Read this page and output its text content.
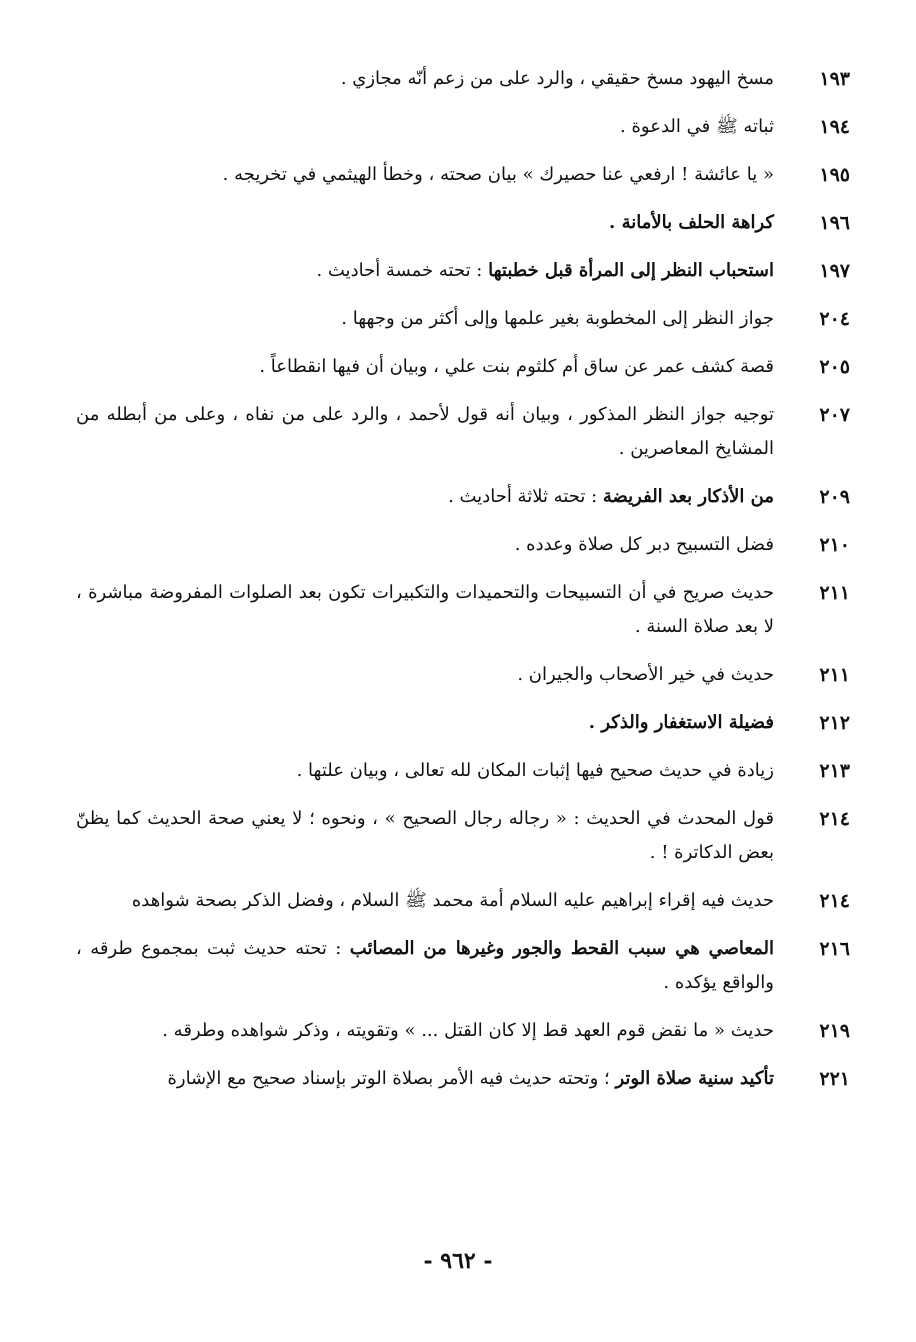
١٩٣
مسخ اليهود مسخ حقيقي ، والرد على من زعم أنّه مجازي .
١٩٤
ثباته ﷺ في الدعوة .
١٩٥
« يا عائشة ! ارفعي عنا حصيرك » بيان صحته ، وخطأ الهيثمي في تخريجه .
١٩٦
كراهة الحلف بالأمانة .
١٩٧
استحباب النظر إلى المرأة قبل خطبتها : تحته خمسة أحاديث .
٢٠٤
جواز النظر إلى المخطوبة بغير علمها وإلى أكثر من وجهها .
٢٠٥
قصة كشف عمر عن ساق أم كلثوم بنت علي ، وبيان أن فيها انقطاعاً .
٢٠٧
توجيه جواز النظر المذكور ، وبيان أنه قول لأحمد ، والرد على من نفاه ، وعلى من أبطله من المشايخ المعاصرين .
٢٠٩
من الأذكار بعد الفريضة : تحته ثلاثة أحاديث .
٢١٠
فضل التسبيح دبر كل صلاة وعدده .
٢١١
حديث صريح في أن التسبيحات والتحميدات والتكبيرات تكون بعد الصلوات المفروضة مباشرة ، لا بعد صلاة السنة .
٢١١
حديث في خير الأصحاب والجيران .
٢١٢
فضيلة الاستغفار والذكر .
٢١٣
زيادة في حديث صحيح فيها إثبات المكان لله تعالى ، وبيان علتها .
٢١٤
قول المحدث في الحديث : « رجاله رجال الصحيح » ، ونحوه ؛ لا يعني صحة الحديث كما يظنّ بعض الدكاترة ! .
٢١٤
حديث فيه إقراء إبراهيم عليه السلام أمة محمد ﷺ السلام ، وفضل الذكر بصحة شواهده
٢١٦
المعاصي هي سبب القحط والجور وغيرها من المصائب : تحته حديث ثبت بمجموع طرقه ، والواقع يؤكده .
٢١٩
حديث « ما نقض قوم العهد قط إلا كان القتل ... » وتقويته ، وذكر شواهده وطرقه .
٢٢١
تأكيد سنية صلاة الوتر ؛ وتحته حديث فيه الأمر بصلاة الوتر بإسناد صحيح مع الإشارة
- ٩٦٢ -
